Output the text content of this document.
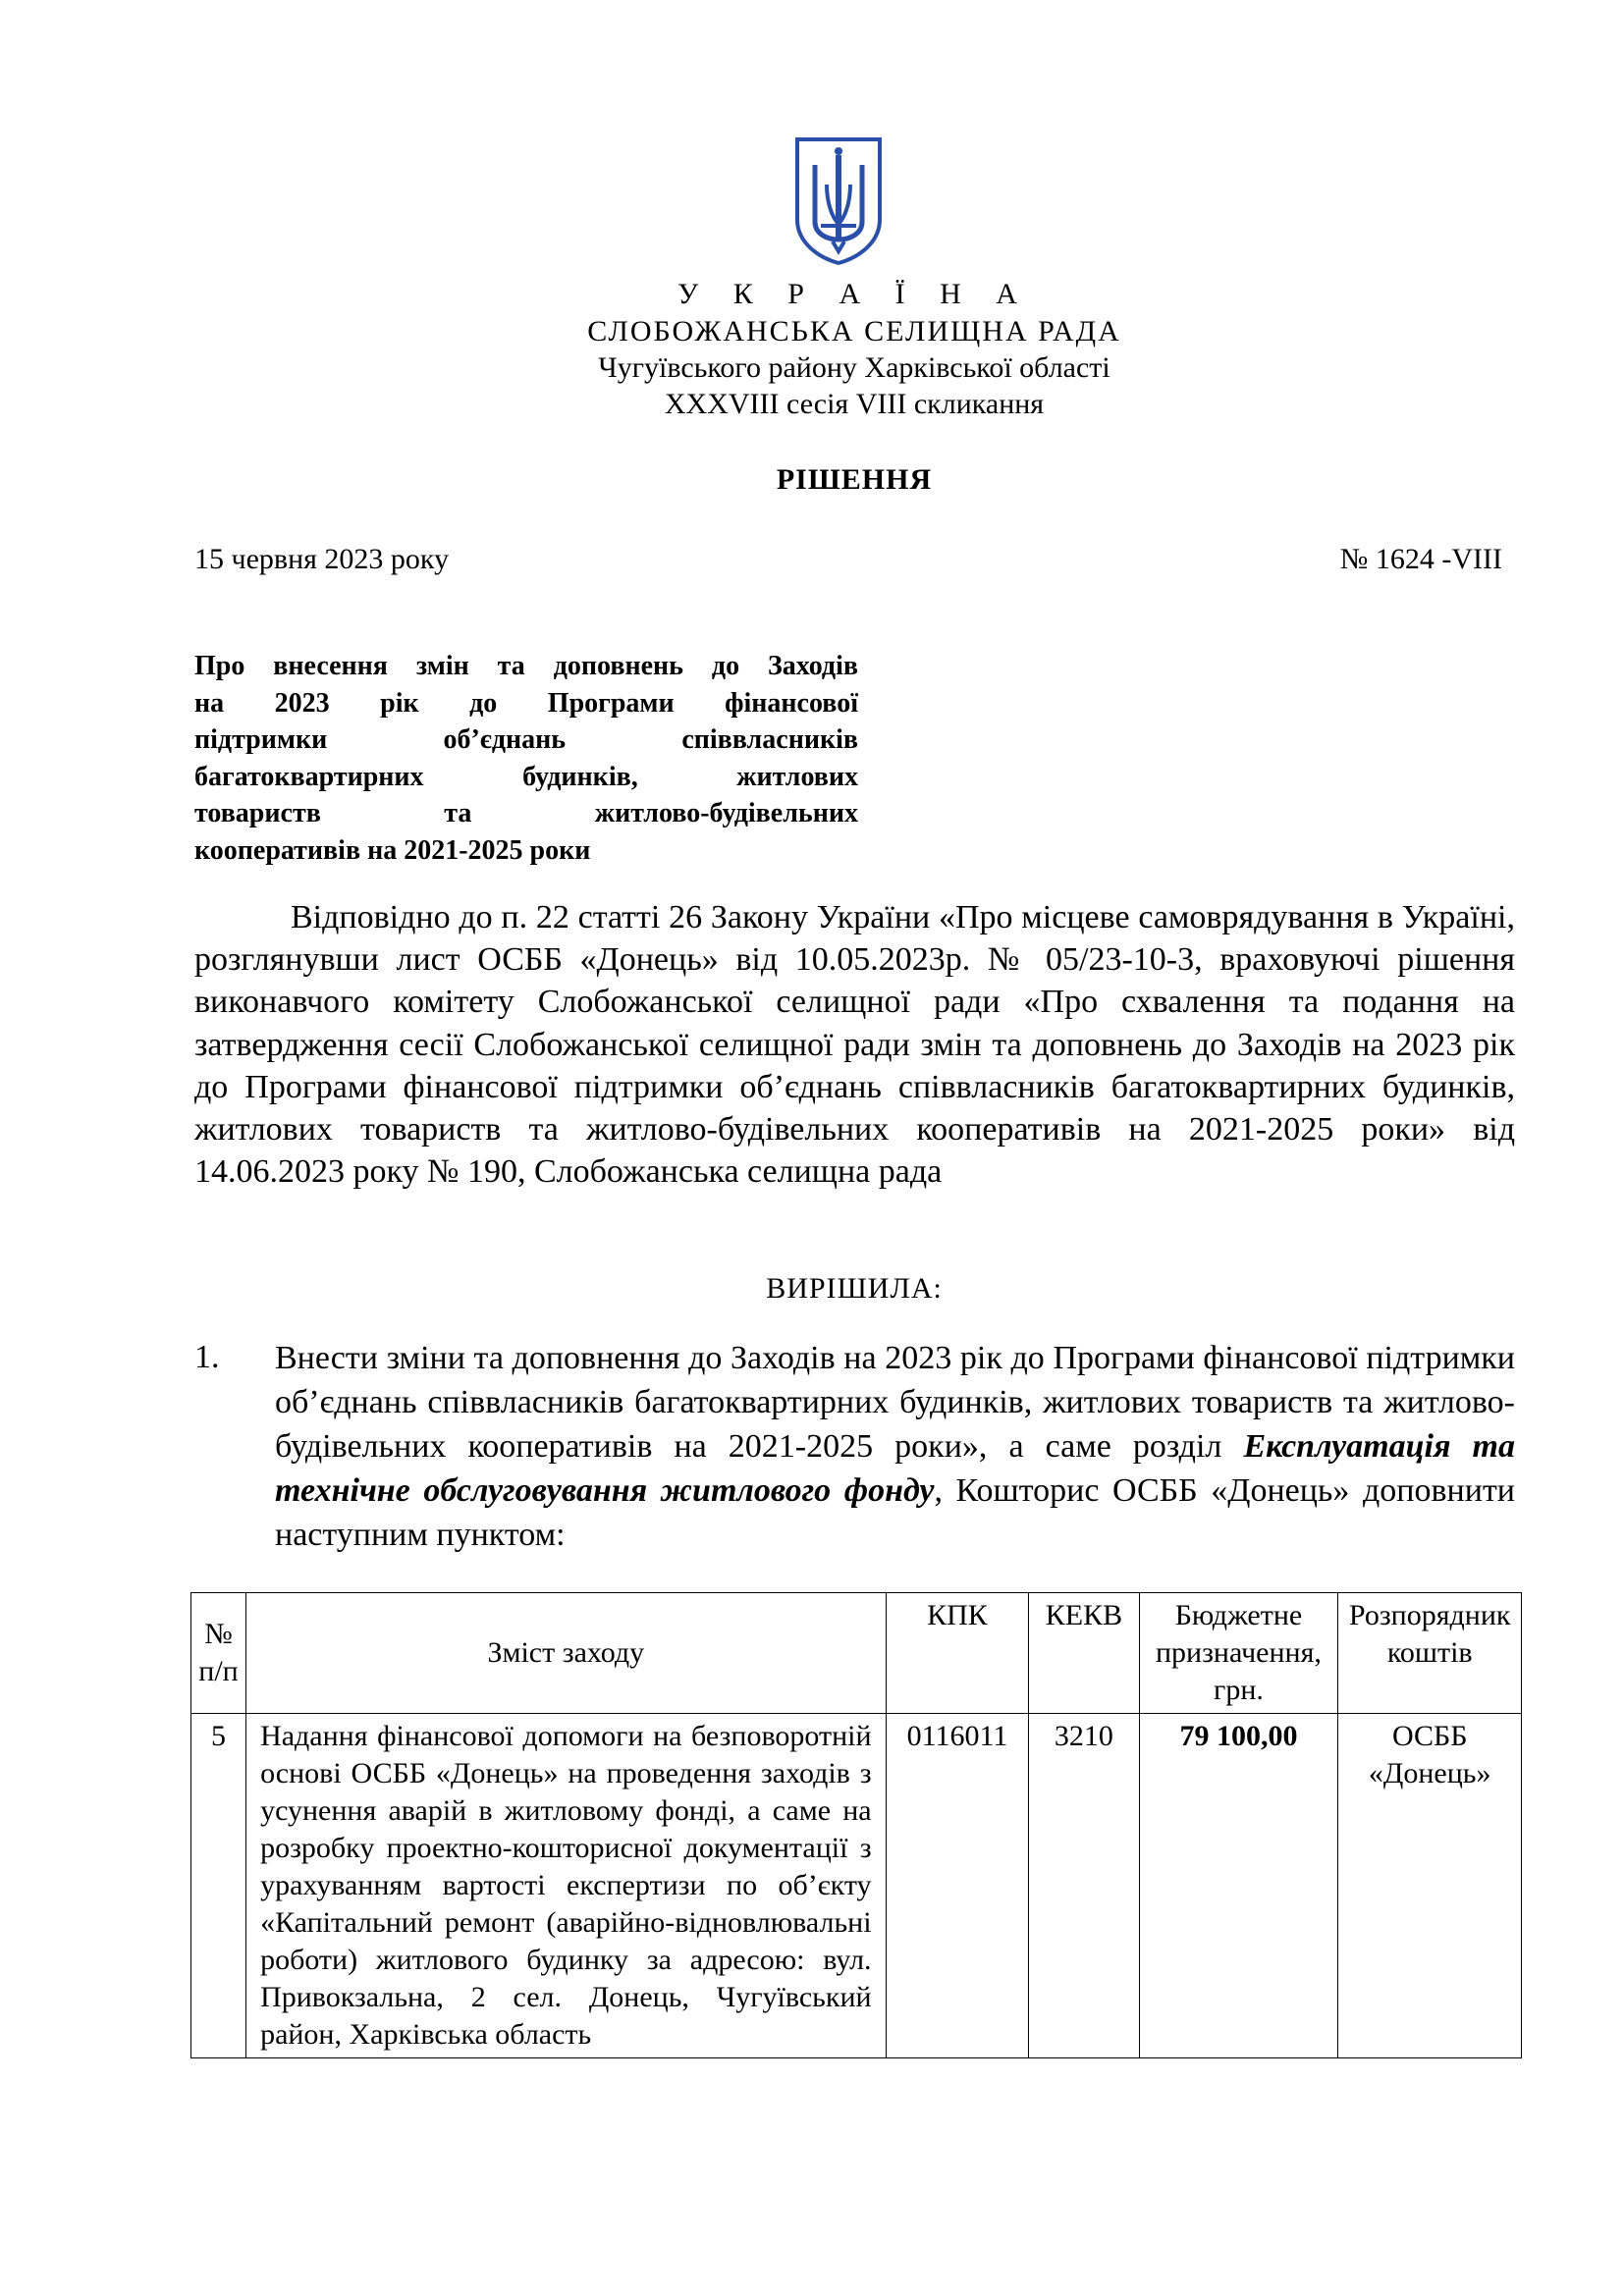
У К Р А Ї Н А
СЛОБОЖАНСЬКА СЕЛИЩНА РАДА
Чугуївського району Харківської області
XXXVIII сесія VIII скликання
РІШЕННЯ
15 червня 2023 року	№ 1624 -VIII
Про внесення змін та доповнень до Заходів
на 2023 рік до Програми фінансової
підтримки об’єднань співвласників
багатоквартирних будинків, житлових
товариств та житлово-будівельних
кооперативів на 2021-2025 роки
Відповідно до п. 22 статті 26 Закону України «Про місцеве самоврядування в Україні, розглянувши лист ОСББ «Донець» від 10.05.2023р. № 05/23-10-3, враховуючі рішення виконавчого комітету Слобожанської селищної ради «Про схвалення та подання на затвердження сесії Слобожанської селищної ради змін та доповнень до Заходів на 2023 рік до Програми фінансової підтримки об’єднань співвласників багатоквартирних будинків, житлових товариств та житлово-будівельних кооперативів на 2021-2025 роки» від 14.06.2023 року № 190, Слобожанська селищна рада
ВИРІШИЛА:
1. Внести зміни та доповнення до Заходів на 2023 рік до Програми фінансової підтримки об’єднань співвласників багатоквартирних будинків, житлових товариств та житлово-будівельних кооперативів на 2021-2025 роки», а саме розділ Експлуатація та технічне обслуговування житлового фонду, Кошторис ОСББ «Донець» доповнити наступним пунктом:
№ п/п	Зміст заходу	КПК	КЕКВ	Бюджетне призначення, грн.	Розпорядник коштів
5	Надання фінансової допомоги на безповоротній основі ОСББ «Донець» на проведення заходів з усунення аварій в житловому фонді, а саме на розробку проектно-кошторисної документації з урахуванням вартості експертизи по об’єкту «Капітальний ремонт (аварійно-відновлювальні роботи) житлового будинку за адресою: вул. Привокзальна, 2 сел. Донець, Чугуївський район, Харківська область	0116011	3210	79 100,00	ОСББ «Донець»
